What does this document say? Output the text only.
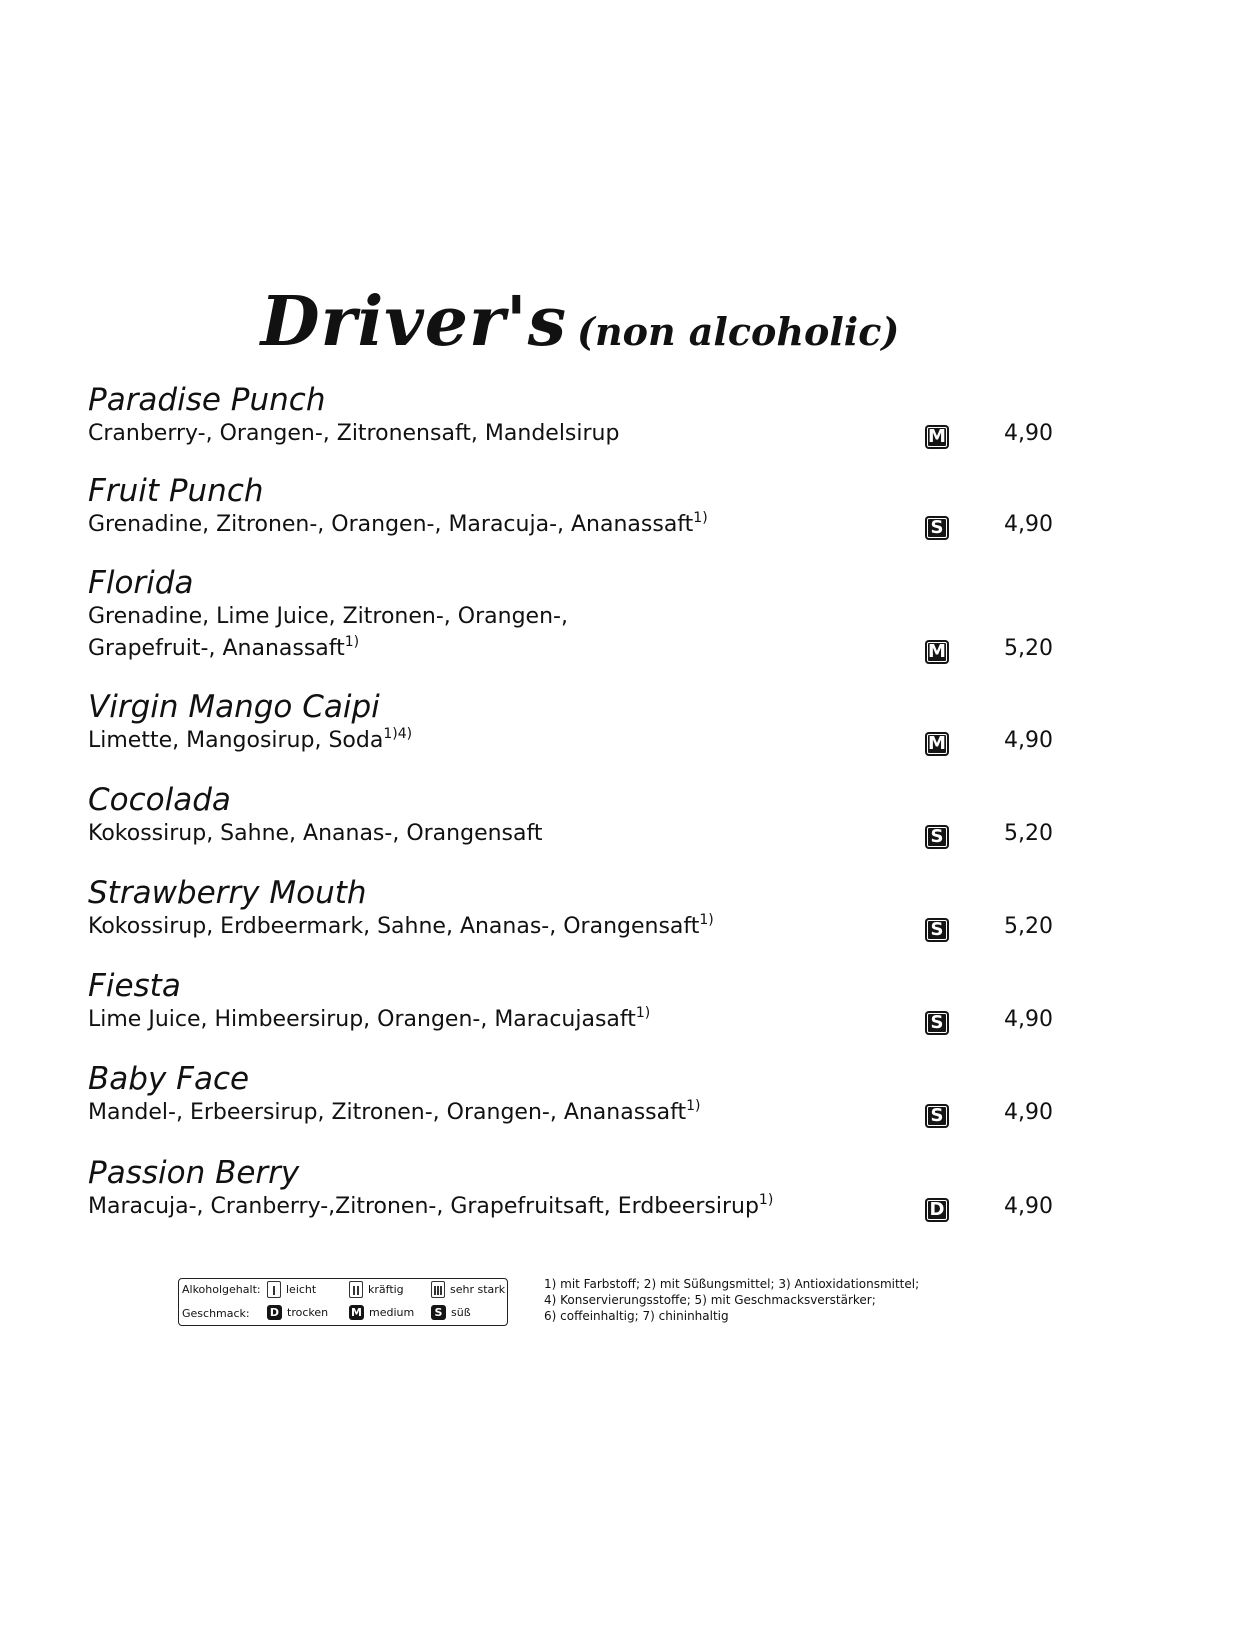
Driver's (non alcoholic)
Paradise Punch
Cranberry-, Orangen-, Zitronensaft, Mandelsirup	M	4,90
Fruit Punch
Grenadine, Zitronen-, Orangen-, Maracuja-, Ananassaft$^{1)}$	S	4,90
Florida
Grenadine, Lime Juice, Zitronen-, Orangen-,
Grapefruit-, Ananassaft$^{1)}$	M	5,20
Virgin Mango Caipi
Limette, Mangosirup, Soda$^{1)4)}$	M	4,90
Cocolada
Kokossirup, Sahne, Ananas-, Orangensaft	S	5,20
Strawberry Mouth
Kokossirup, Erdbeermark, Sahne, Ananas-, Orangensaft$^{1)}$	S	5,20
Fiesta
Lime Juice, Himbeersirup, Orangen-, Maracujasaft$^{1)}$	S	4,90
Baby Face
Mandel-, Erbeersirup, Zitronen-, Orangen-, Ananassaft$^{1)}$	S	4,90
Passion Berry
Maracuja-, Cranberry-,Zitronen-, Grapefruitsaft, Erdbeersirup$^{1)}$	D	4,90
Alkoholgehalt: leicht	kräftig	sehr stark
Geschmack: D trocken M medium	S süß
1) mit Farbstoff; 2) mit Süßungsmittel; 3) Antioxidationsmittel;
4) Konservierungsstoffe; 5) mit Geschmacksverstärker;
6) coffeinhaltig; 7) chininhaltig
